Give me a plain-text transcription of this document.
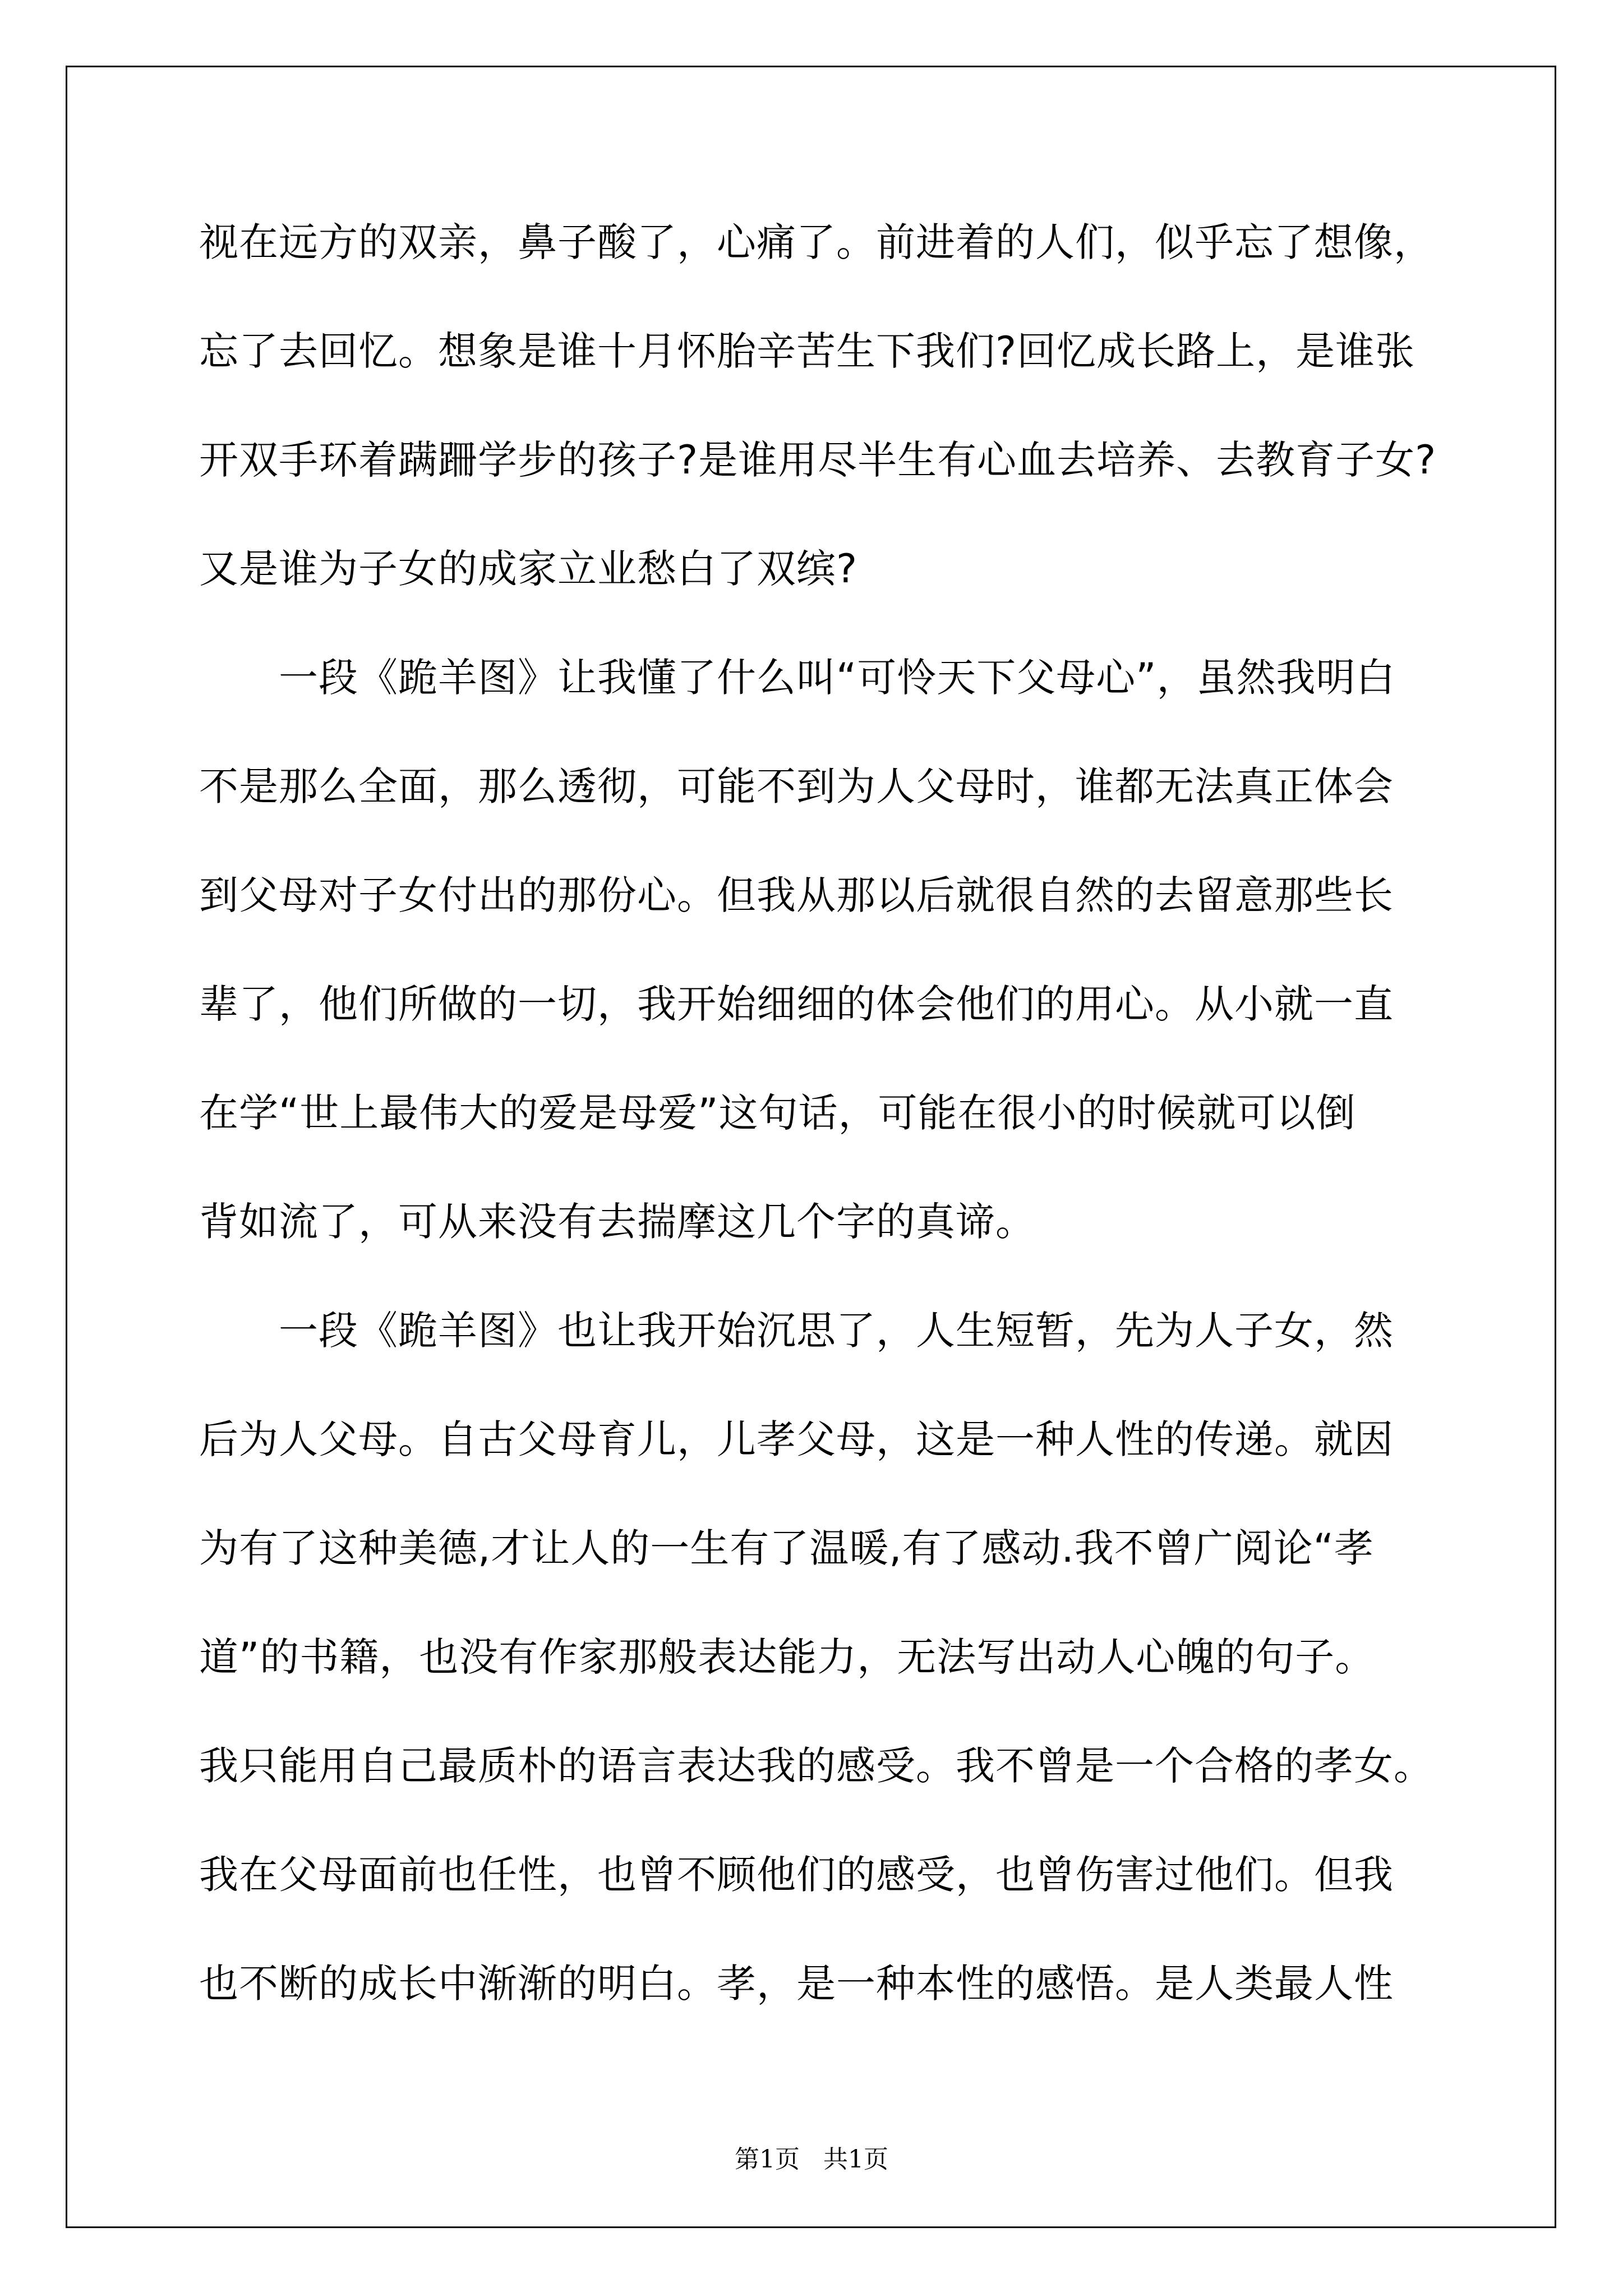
视在远方的双亲，鼻子酸了，心痛了。前进着的人们，似乎忘了想像，
忘了去回忆。想象是谁十月怀胎辛苦生下我们?回忆成长路上，是谁张
开双手环着蹒跚学步的孩子?是谁用尽半生有心血去培养、去教育子女?
又是谁为子女的成家立业愁白了双缤?
　　一段《跪羊图》让我懂了什么叫“可怜天下父母心”，虽然我明白
不是那么全面，那么透彻，可能不到为人父母时，谁都无法真正体会
到父母对子女付出的那份心。但我从那以后就很自然的去留意那些长
辈了，他们所做的一切，我开始细细的体会他们的用心。从小就一直
在学“世上最伟大的爱是母爱”这句话，可能在很小的时候就可以倒
背如流了，可从来没有去揣摩这几个字的真谛。
　　一段《跪羊图》也让我开始沉思了，人生短暂，先为人子女，然
后为人父母。自古父母育儿，儿孝父母，这是一种人性的传递。就因
为有了这种美德,才让人的一生有了温暖,有了感动.我不曾广阅论“孝
道”的书籍，也没有作家那般表达能力，无法写出动人心魄的句子。
我只能用自己最质朴的语言表达我的感受。我不曾是一个合格的孝女。
我在父母面前也任性，也曾不顾他们的感受，也曾伤害过他们。但我
也不断的成长中渐渐的明白。孝，是一种本性的感悟。是人类最人性
第1页   共1页
